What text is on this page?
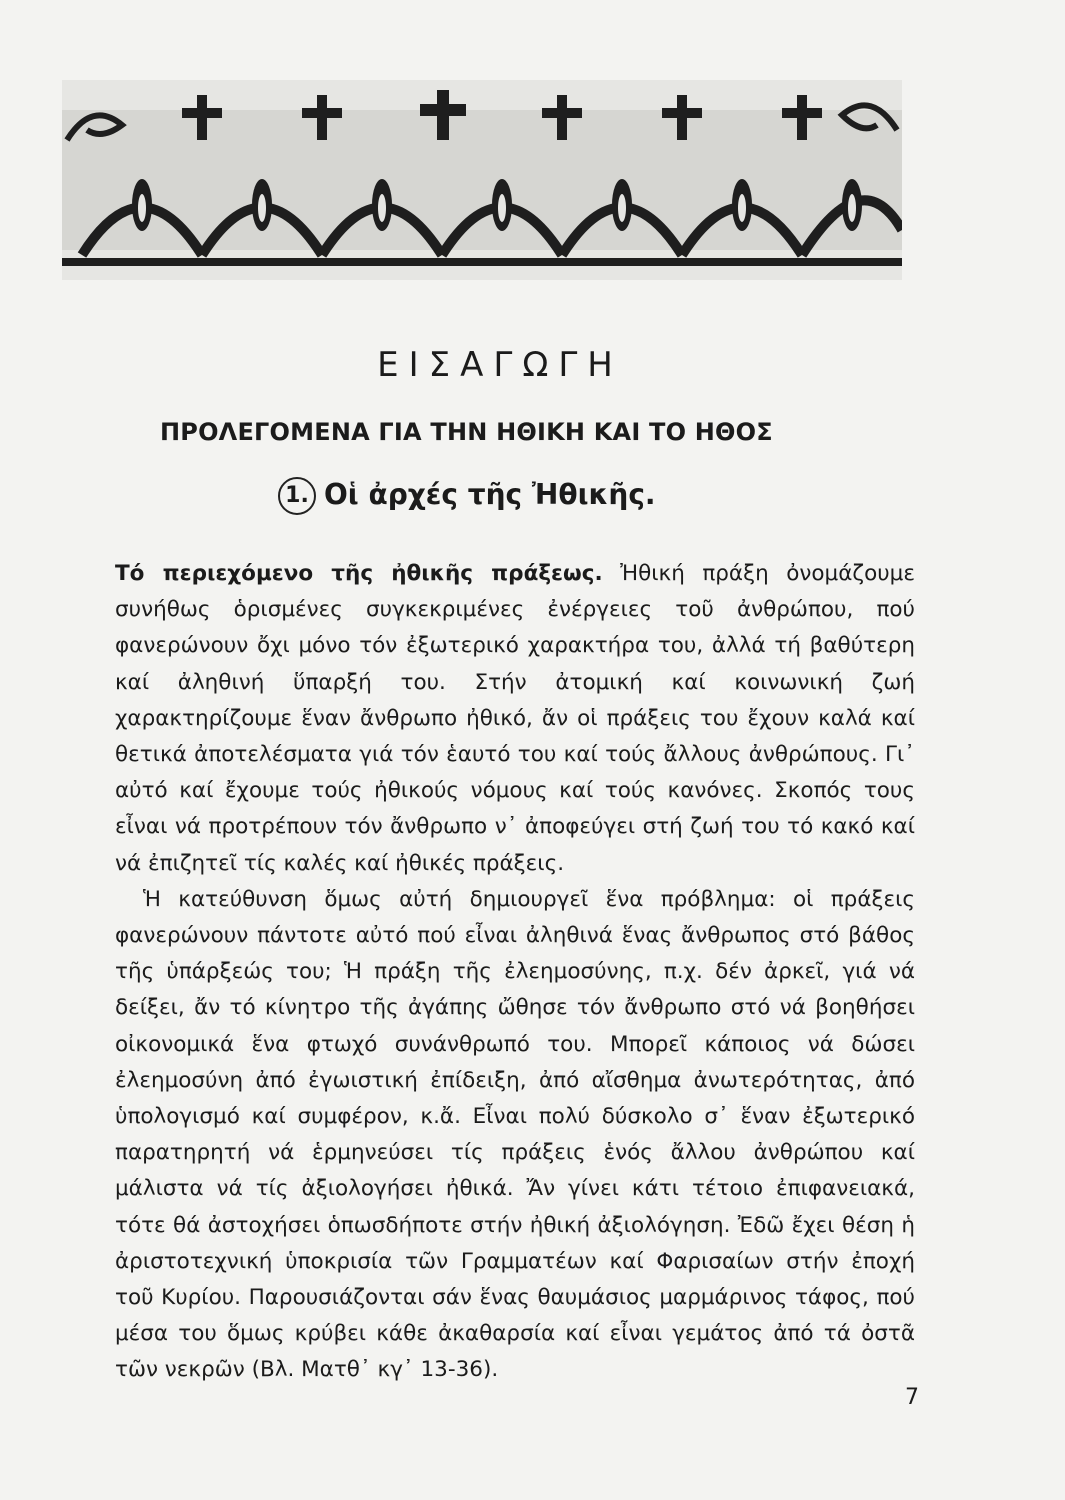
ΕΙΣΑΓΩΓΗ
ΠΡΟΛΕΓΟΜΕΝΑ ΓΙΑ ΤΗΝ ΗΘΙΚΗ ΚΑΙ ΤΟ ΗΘΟΣ
1. Οἱ ἀρχές τῆς Ἠθικῆς.

Τό περιεχόμενο τῆς ἠθικῆς πράξεως. Ἠθική πράξη ὀνομάζουμε συνήθως ὁρισμένες συγκεκριμένες ἐνέργειες τοῦ ἀνθρώπου, πού φανερώνουν ὄχι μόνο τόν ἐξωτερικό χαρακτήρα του, ἀλλά τή βαθύτερη καί ἀληθινή ὕπαρξή του. Στήν ἀτομική καί κοινωνική ζωή χαρακτηρίζουμε ἕναν ἄνθρωπο ἠθικό, ἄν οἱ πράξεις του ἔχουν καλά καί θετικά ἀποτελέσματα γιά τόν ἑαυτό του καί τούς ἄλλους ἀνθρώπους. Γι᾽ αὐτό καί ἔχουμε τούς ἠθικούς νόμους καί τούς κανόνες. Σκοπός τους εἶναι νά προτρέπουν τόν ἄνθρωπο ν᾽ ἀποφεύγει στή ζωή του τό κακό καί νά ἐπιζητεῖ τίς καλές καί ἠθικές πράξεις.

Ἡ κατεύθυνση ὅμως αὐτή δημιουργεῖ ἕνα πρόβλημα: οἱ πράξεις φανερώνουν πάντοτε αὐτό πού εἶναι ἀληθινά ἕνας ἄνθρωπος στό βάθος τῆς ὑπάρξεώς του; Ἡ πράξη τῆς ἐλεημοσύνης, π.χ. δέν ἀρκεῖ, γιά νά δείξει, ἄν τό κίνητρο τῆς ἀγάπης ὤθησε τόν ἄνθρωπο στό νά βοηθήσει οἰκονομικά ἕνα φτωχό συνάνθρωπό του. Μπορεῖ κάποιος νά δώσει ἐλεημοσύνη ἀπό ἐγωιστική ἐπίδειξη, ἀπό αἴσθημα ἀνωτερότητας, ἀπό ὑπολογισμό καί συμφέρον, κ.ἄ. Εἶναι πολύ δύσκολο σ᾽ ἕναν ἐξωτερικό παρατηρητή νά ἑρμηνεύσει τίς πράξεις ἑνός ἄλλου ἀνθρώπου καί μάλιστα νά τίς ἀξιολογήσει ἠθικά. Ἄν γίνει κάτι τέτοιο ἐπιφανειακά, τότε θά ἀστοχήσει ὁπωσδήποτε στήν ἠθική ἀξιολόγηση. Ἐδῶ ἔχει θέση ἡ ἀριστοτεχνική ὑποκρισία τῶν Γραμματέων καί Φαρισαίων στήν ἐποχή τοῦ Κυρίου. Παρουσιάζονται σάν ἕνας θαυμάσιος μαρμάρινος τάφος, πού μέσα του ὅμως κρύβει κάθε ἀκαθαρσία καί εἶναι γεμάτος ἀπό τά ὀστᾶ τῶν νεκρῶν (Βλ. Ματθ᾽ κγ᾽ 13-36).

7
